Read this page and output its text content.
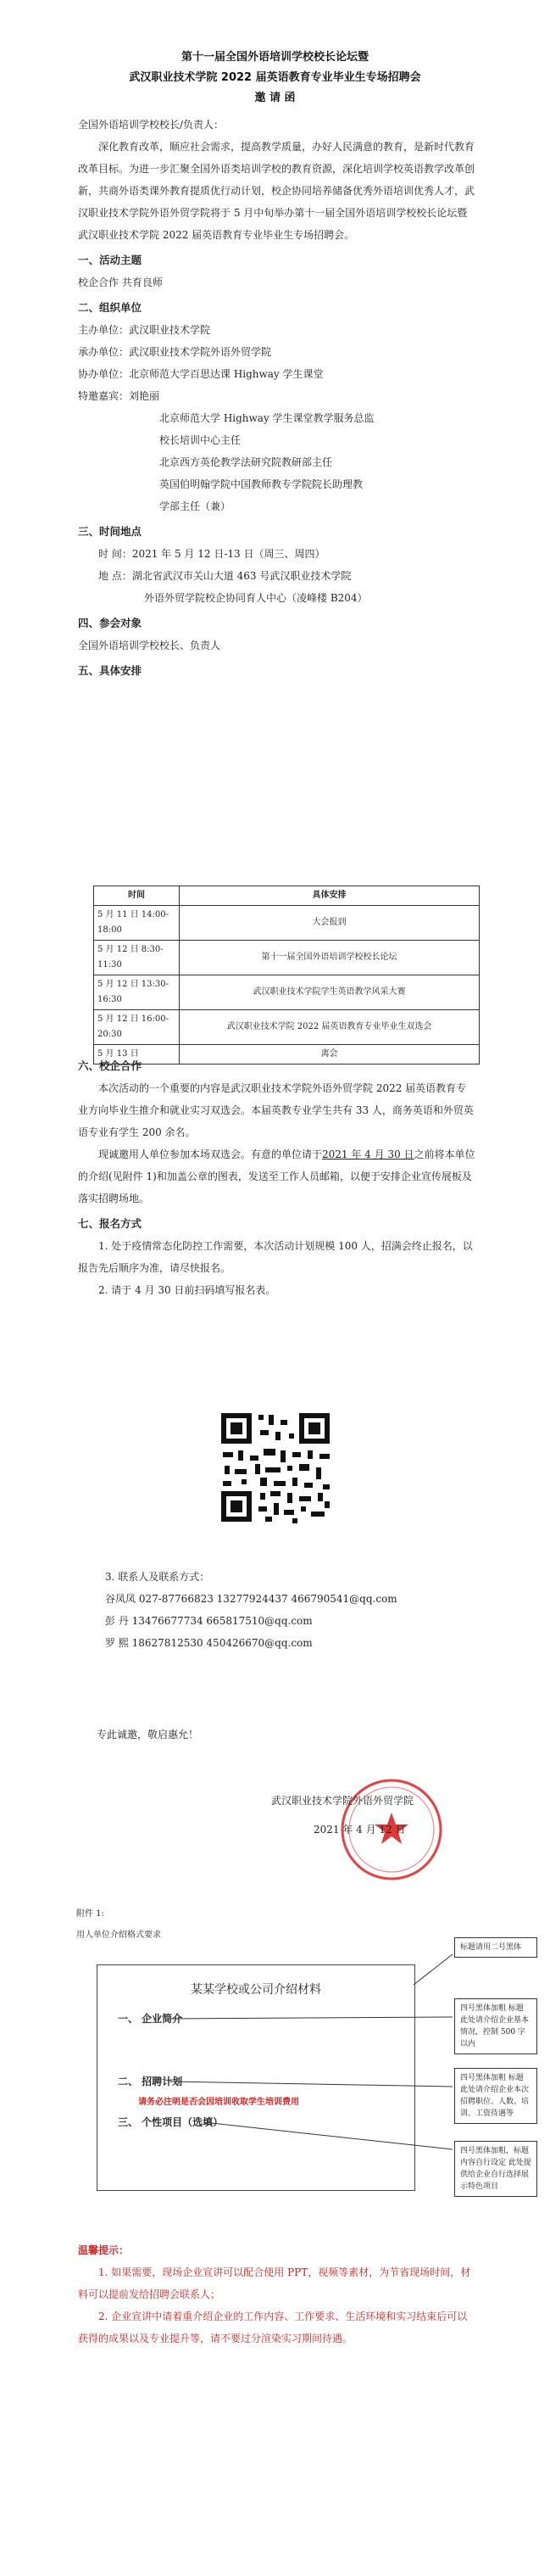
第十一届全国外语培训学校校长论坛暨
武汉职业技术学院 2022 届英语教育专业毕业生专场招聘会
邀 请 函
全国外语培训学校校长/负责人：
深化教育改革，顺应社会需求，提高教学质量，办好人民满意的教育，是新时代教育改革目标。为进一步汇聚全国外语类培训学校的教育资源，深化培训学校英语教学改革创新，共商外语类课外教育提质优行动计划，校企协同培养储备优秀外语培训优秀人才，武汉职业技术学院外语外贸学院将于 5 月中旬举办第十一届全国外语培训学校校长论坛暨武汉职业技术学院 2022 届英语教育专业毕业生专场招聘会。
一、活动主题
校企合作 共育良师
二、组织单位
主办单位：武汉职业技术学院
承办单位：武汉职业技术学院外语外贸学院
协办单位：北京师范大学百思达课 Highway 学生课堂
特邀嘉宾：刘艳丽
北京师范大学 Highway 学生课堂教学服务总监
校长培训中心主任
北京西方英伦教学法研究院教研部主任
英国伯明翰学院中国教师教专学院院长助理教
学部主任（兼）
三、时间地点
时 间：2021 年 5 月 12 日-13 日（周三、周四）
地 点：湖北省武汉市关山大道 463 号武汉职业技术学院
外语外贸学院校企协同育人中心（凌峰楼 B204）
四、参会对象
全国外语培训学校校长、负责人
五、具体安排
时间	具体安排
5 月 11 日 14:00-18:00	大会报到
5 月 12 日 8:30-11:30	第十一届全国外语培训学校校长论坛
5 月 12 日 13:30-16:30	武汉职业技术学院学生英语教学风采大赛
5 月 12 日 16:00-20:30	武汉职业技术学院 2022 届英语教育专业毕业生双选会
5 月 13 日	离会
六、校企合作
本次活动的一个重要的内容是武汉职业技术学院外语外贸学院 2022 届英语教育专业方向毕业生推介和就业实习双选会。本届英教专业学生共有 33 人，商务英语和外贸英语专业有学生 200 余名。
现诚邀用人单位参加本场双选会。有意的单位请于2021 年 4 月 30 日之前将本单位的介绍(见附件 1)和加盖公章的图表，发送至工作人员邮箱，以便于安排企业宣传展板及落实招聘场地。
七、报名方式
1. 处于疫情常态化防控工作需要，本次活动计划规模 100 人，招满会终止报名，以报告先后顺序为准，请尽快报名。
2. 请于 4 月 30 日前扫码填写报名表。
3. 联系人及联系方式：
谷凤凤 027-87766823 13277924437 466790541@qq.com
彭 丹 13476677734 665817510@qq.com
罗 熙 18627812530 450426670@qq.com
专此诚邀，敬启惠允！
武汉职业技术学院外语外贸学院
2021 年 4 月 12 日
附件 1:
用人单位介绍格式要求
某某学校或公司介绍材料
一、 企业简介
二、 招聘计划
请务必注明是否会因培训收取学生培训费用
三、 个性项目（选填）
标题请用二号黑体
四号黑体加粗 标题 此处请介绍企业基本情况，控制 500 字以内
四号黑体加粗 标题 此处请介绍企业本次招聘职位、人数、培训、工资待遇等
四号黑体加粗，标题 内容自行设定 此处提供给企业自行选择展示特色项目
温馨提示：
1. 如果需要，现场企业宣讲可以配合使用 PPT，视频等素材，为节省现场时间，材料可以提前发给招聘会联系人；
2. 企业宣讲中请着重介绍企业的工作内容、工作要求、生活环境和实习结束后可以获得的成果以及专业提升等，请不要过分渲染实习期间待遇。
